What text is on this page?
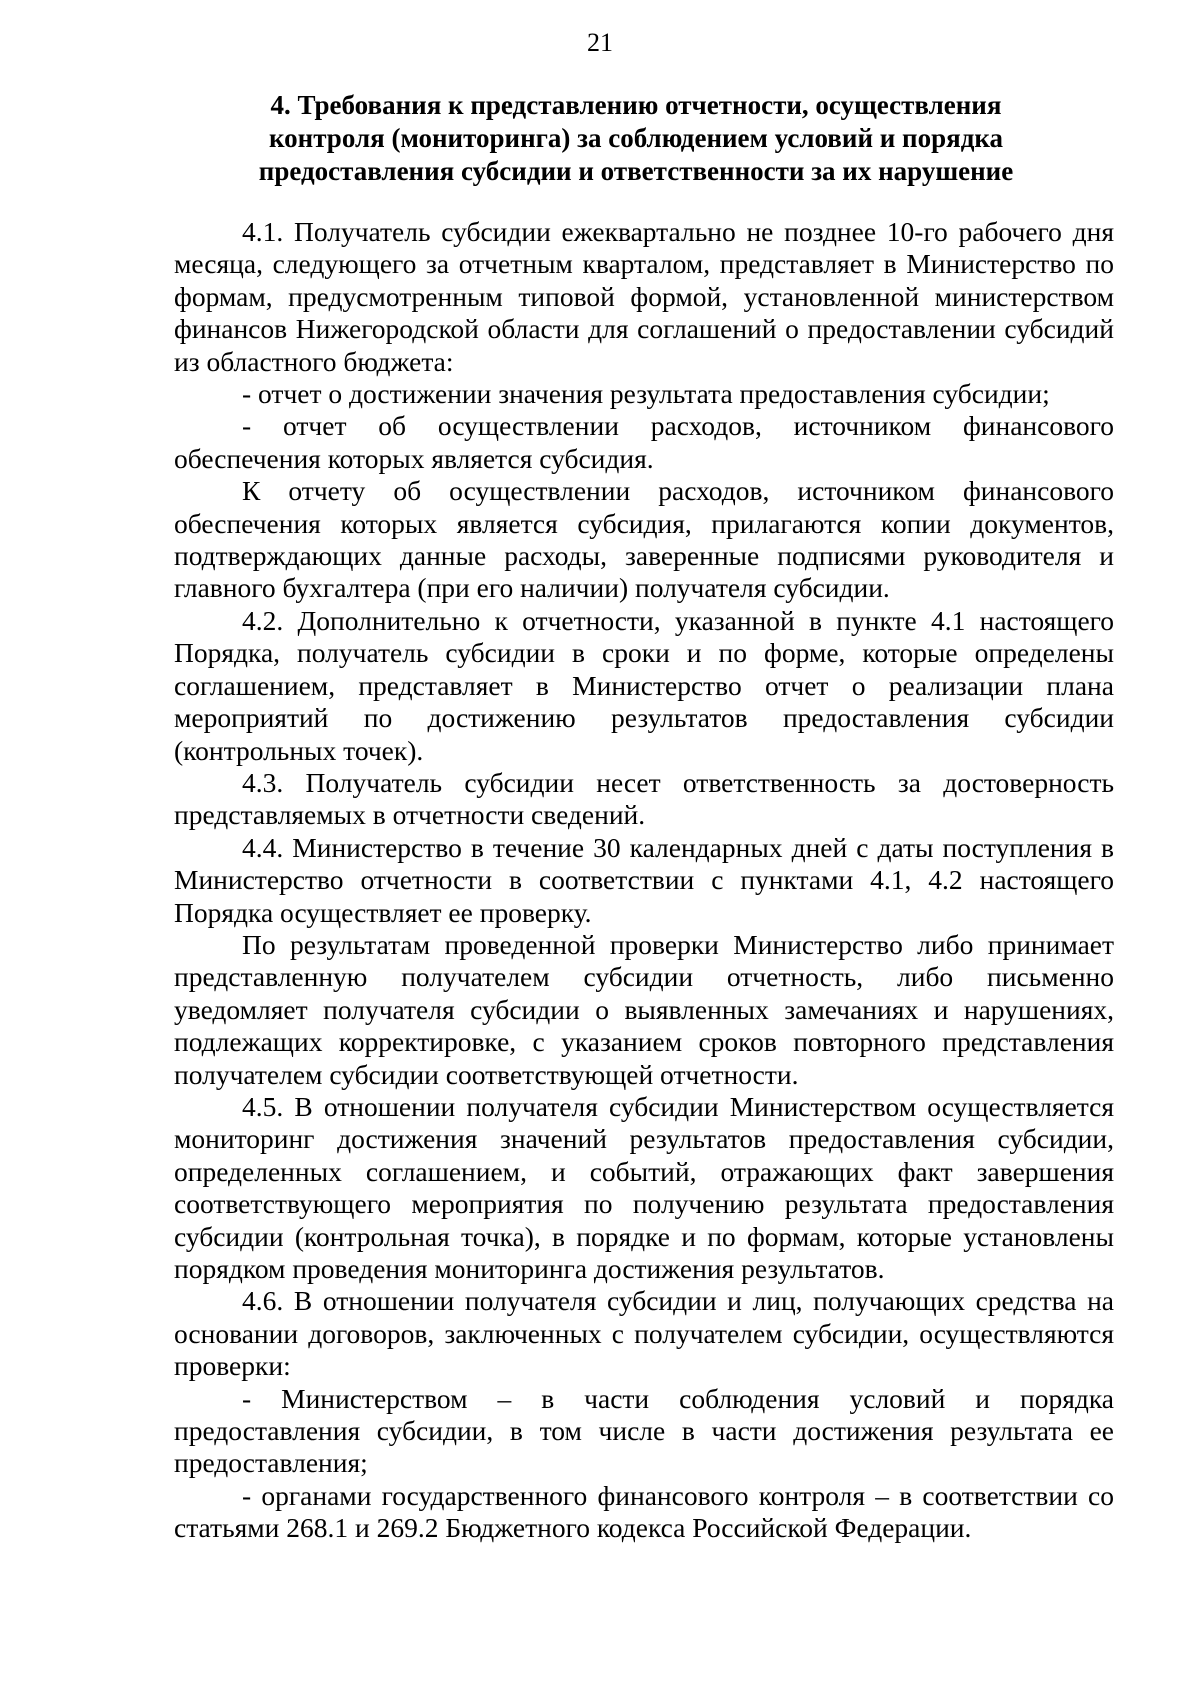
21
4. Требования к представлению отчетности, осуществления
контроля (мониторинга) за соблюдением условий и порядка
предоставления субсидии и ответственности за их нарушение

4.1. Получатель субсидии ежеквартально не позднее 10-го рабочего дня месяца, следующего за отчетным кварталом, представляет в Министерство по формам, предусмотренным типовой формой, установленной министерством финансов Нижегородской области для соглашений о предоставлении субсидий из областного бюджета:

- отчет о достижении значения результата предоставления субсидии;

- отчет об осуществлении расходов, источником финансового обеспечения которых является субсидия.

К отчету об осуществлении расходов, источником финансового обеспечения которых является субсидия, прилагаются копии документов, подтверждающих данные расходы, заверенные подписями руководителя и главного бухгалтера (при его наличии) получателя субсидии.

4.2. Дополнительно к отчетности, указанной в пункте 4.1 настоящего Порядка, получатель субсидии в сроки и по форме, которые определены соглашением, представляет в Министерство отчет о реализации плана мероприятий по достижению результатов предоставления субсидии (контрольных точек).

4.3. Получатель субсидии несет ответственность за достоверность представляемых в отчетности сведений.

4.4. Министерство в течение 30 календарных дней с даты поступления в Министерство отчетности в соответствии с пунктами 4.1, 4.2 настоящего Порядка осуществляет ее проверку.

По результатам проведенной проверки Министерство либо принимает представленную получателем субсидии отчетность, либо письменно уведомляет получателя субсидии о выявленных замечаниях и нарушениях, подлежащих корректировке, с указанием сроков повторного представления получателем субсидии соответствующей отчетности.

4.5. В отношении получателя субсидии Министерством осуществляется мониторинг достижения значений результатов предоставления субсидии, определенных соглашением, и событий, отражающих факт завершения соответствующего мероприятия по получению результата предоставления субсидии (контрольная точка), в порядке и по формам, которые установлены порядком проведения мониторинга достижения результатов.

4.6. В отношении получателя субсидии и лиц, получающих средства на основании договоров, заключенных с получателем субсидии, осуществляются проверки:

- Министерством – в части соблюдения условий и порядка предоставления субсидии, в том числе в части достижения результата ее предоставления;

- органами государственного финансового контроля – в соответствии со статьями 268.1 и 269.2 Бюджетного кодекса Российской Федерации.
